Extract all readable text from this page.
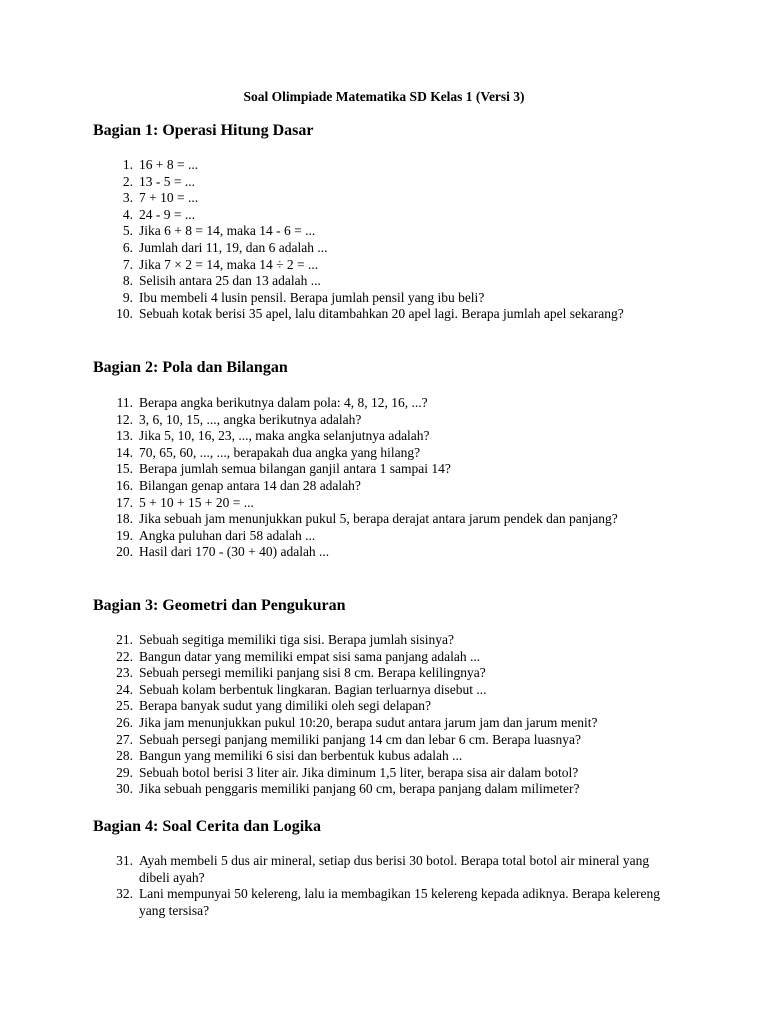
Soal Olimpiade Matematika SD Kelas 1 (Versi 3)
Bagian 1: Operasi Hitung Dasar
1. 16 + 8 = ...
2. 13 - 5 = ...
3. 7 + 10 = ...
4. 24 - 9 = ...
5. Jika 6 + 8 = 14, maka 14 - 6 = ...
6. Jumlah dari 11, 19, dan 6 adalah ...
7. Jika 7 × 2 = 14, maka 14 ÷ 2 = ...
8. Selisih antara 25 dan 13 adalah ...
9. Ibu membeli 4 lusin pensil. Berapa jumlah pensil yang ibu beli?
10. Sebuah kotak berisi 35 apel, lalu ditambahkan 20 apel lagi. Berapa jumlah apel sekarang?
Bagian 2: Pola dan Bilangan
11. Berapa angka berikutnya dalam pola: 4, 8, 12, 16, ...?
12. 3, 6, 10, 15, ..., angka berikutnya adalah?
13. Jika 5, 10, 16, 23, ..., maka angka selanjutnya adalah?
14. 70, 65, 60, ..., ..., berapakah dua angka yang hilang?
15. Berapa jumlah semua bilangan ganjil antara 1 sampai 14?
16. Bilangan genap antara 14 dan 28 adalah?
17. 5 + 10 + 15 + 20 = ...
18. Jika sebuah jam menunjukkan pukul 5, berapa derajat antara jarum pendek dan panjang?
19. Angka puluhan dari 58 adalah ...
20. Hasil dari 170 - (30 + 40) adalah ...
Bagian 3: Geometri dan Pengukuran
21. Sebuah segitiga memiliki tiga sisi. Berapa jumlah sisinya?
22. Bangun datar yang memiliki empat sisi sama panjang adalah ...
23. Sebuah persegi memiliki panjang sisi 8 cm. Berapa kelilingnya?
24. Sebuah kolam berbentuk lingkaran. Bagian terluarnya disebut ...
25. Berapa banyak sudut yang dimiliki oleh segi delapan?
26. Jika jam menunjukkan pukul 10:20, berapa sudut antara jarum jam dan jarum menit?
27. Sebuah persegi panjang memiliki panjang 14 cm dan lebar 6 cm. Berapa luasnya?
28. Bangun yang memiliki 6 sisi dan berbentuk kubus adalah ...
29. Sebuah botol berisi 3 liter air. Jika diminum 1,5 liter, berapa sisa air dalam botol?
30. Jika sebuah penggaris memiliki panjang 60 cm, berapa panjang dalam milimeter?
Bagian 4: Soal Cerita dan Logika
31. Ayah membeli 5 dus air mineral, setiap dus berisi 30 botol. Berapa total botol air mineral yang dibeli ayah?
32. Lani mempunyai 50 kelereng, lalu ia membagikan 15 kelereng kepada adiknya. Berapa kelereng yang tersisa?
